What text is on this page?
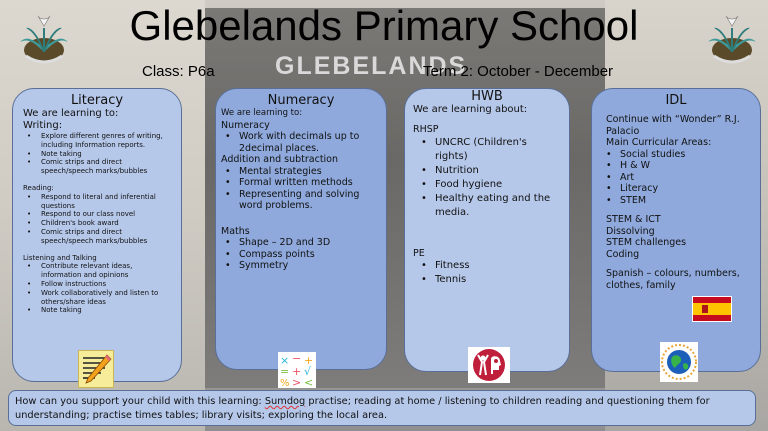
GLEBELANDS
Glebelands Primary School
Class: P6a	Term 2: October - December
Literacy
We are learning to:
Writing:
• Explore different genres of writing, including Information reports.
• Note taking
• Comic strips and direct speech/speech marks/bubbles
Reading:
• Respond to literal and inferential questions
• Respond to our class novel
• Children's book award
• Comic strips and direct speech/speech marks/bubbles
Listening and Talking
• Contribute relevant ideas, information and opinions
• Follow instructions
• Work collaboratively and listen to others/share ideas
• Note taking
Numeracy
We are learning to:
Numeracy
• Work with decimals up to 2decimal places.
Addition and subtraction
• Mental strategies
• Formal written methods
• Representing and solving word problems.
Maths
• Shape – 2D and 3D
• Compass points
• Symmetry
HWB
We are learning about:
RHSP
• UNCRC (Children's rights)
• Nutrition
• Food hygiene
• Healthy eating and the media.
PE
• Fitness
• Tennis
IDL
Continue with “Wonder” R.J. Palacio
Main Curricular Areas:
• Social studies
• H & W
• Art
• Literacy
• STEM
STEM & ICT
Dissolving
STEM challenges
Coding
Spanish – colours, numbers, clothes, family
× − +
= + √
% > <
How can you support your child with this learning: Sumdog practise; reading at home / listening to children reading and questioning them for understanding; practise times tables; library visits; exploring the local area.
